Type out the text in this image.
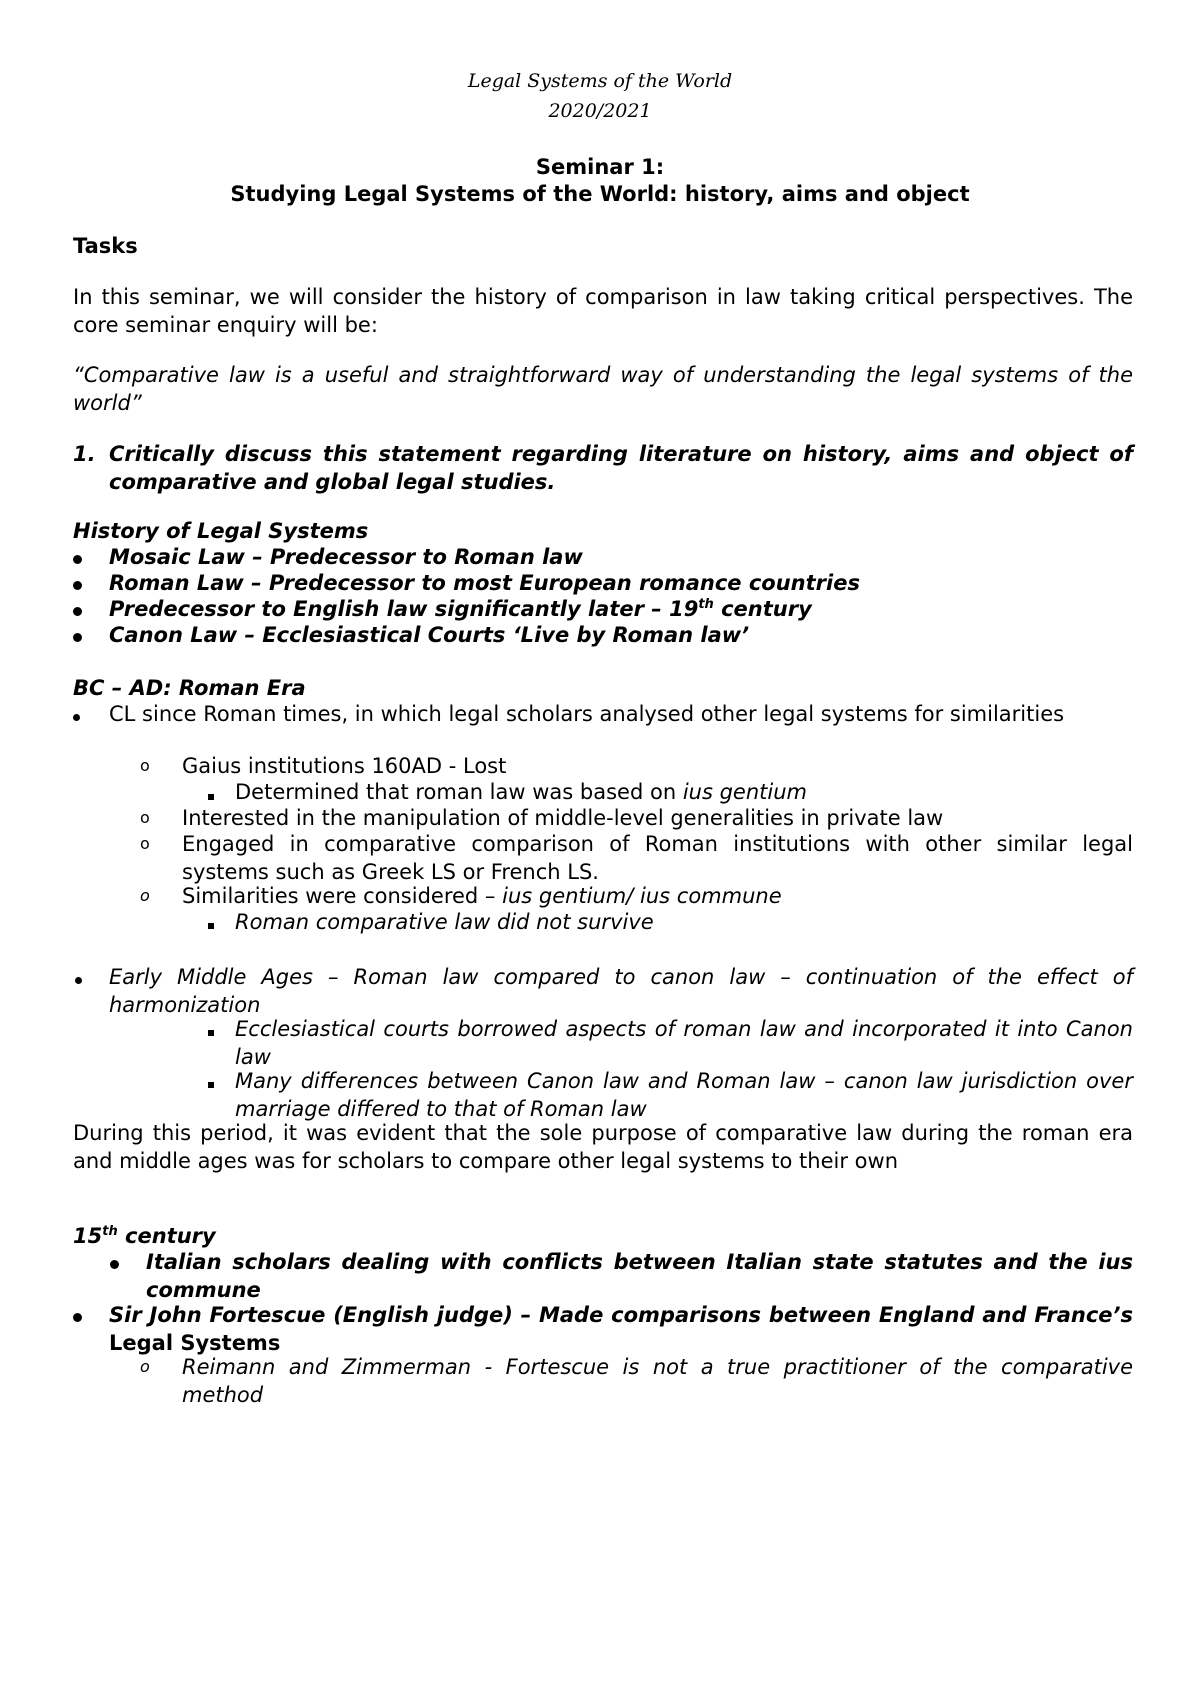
Legal Systems of the World
2020/2021
Seminar 1:
Studying Legal Systems of the World: history, aims and object
Tasks
In this seminar, we will consider the history of comparison in law taking critical perspectives. The core seminar enquiry will be:
“Comparative law is a useful and straightforward way of understanding the legal systems of the world”
1. Critically discuss this statement regarding literature on history, aims and object of comparative and global legal studies.
History of Legal Systems
Mosaic Law – Predecessor to Roman law
Roman Law – Predecessor to most European romance countries
Predecessor to English law significantly later – 19th century
Canon Law – Ecclesiastical Courts ‘Live by Roman law’
BC – AD: Roman Era
CL since Roman times, in which legal scholars analysed other legal systems for similarities
o	Gaius institutions 160AD - Lost
Determined that roman law was based on ius gentium
o	Interested in the manipulation of middle-level generalities in private law
o	Engaged in comparative comparison of Roman institutions with other similar legal systems such as Greek LS or French LS.
o	Similarities were considered – ius gentium/ ius commune
Roman comparative law did not survive
Early Middle Ages – Roman law compared to canon law – continuation of the effect of harmonization
Ecclesiastical courts borrowed aspects of roman law and incorporated it into Canon law
Many differences between Canon law and Roman law – canon law jurisdiction over marriage differed to that of Roman law
During this period, it was evident that the sole purpose of comparative law during the roman era and middle ages was for scholars to compare other legal systems to their own
15th century
Italian scholars dealing with conflicts between Italian state statutes and the ius commune
Sir John Fortescue (English judge) – Made comparisons between England and France’s Legal Systems
o	Reimann and Zimmerman - Fortescue is not a true practitioner of the comparative method
